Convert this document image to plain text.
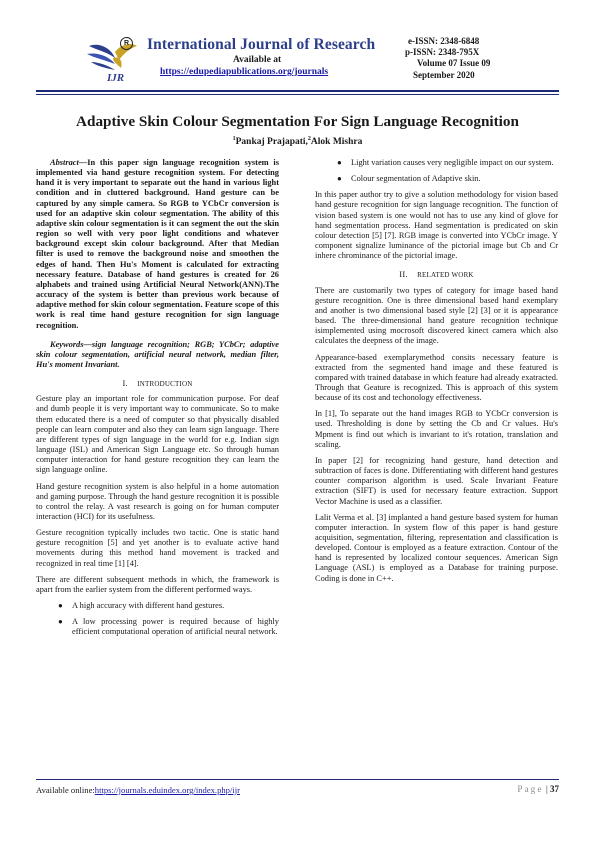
IJR
R International Journal of Research
Available at
https://edupediapublications.org/journals
e-ISSN: 2348-6848
p-ISSN: 2348-795X
Volume 07 Issue 09
September 2020
Adaptive Skin Colour Segmentation For Sign Language Recognition
$^1$Pankaj Prajapati,$^2$Alok Mishra

Abstract—In this paper sign language recognition system is implemented via hand gesture recognition system. For detecting hand it is very important to separate out the hand in various light condition and in cluttered background. Hand gesture can be captured by any simple camera. So RGB to YCbCr conversion is used for an adaptive skin colour segmentation. The ability of this adaptive skin colour segmentation is it can segment the out the skin region so well with very poor light conditions and whatever background except skin colour background. After that Median filter is used to remove the background noise and smoothen the edges of hand. Then Hu's Moment is calculated for extracting necessary feature. Database of hand gestures is created for 26 alphabets and trained using Artificial Neural Network(ANN).The accuracy of the system is better than previous work because of adaptive method for skin colour segmentation. Feature scope of this work is real time hand gesture recognition for sign language recognition.

Keywords—sign language recognition; RGB; YCbCr; adaptive skin colour segmentation, artificial neural network, median filter, Hu's moment Invariant.

I. INTRODUCTION

Gesture play an important role for communication purpose. For deaf and dumb people it is very important way to communicate. So to make them educated there is a need of computer so that physically disabled people can learn computer and also they can learn sign language. There are different types of sign language in the world for e.g. Indian sign language (ISL) and American Sign Language etc. So through human computer interaction for hand gesture recognition they can learn the sign language online.

Hand gesture recognition system is also helpful in a home automation and gaming purpose. Through the hand gesture recognition it is possible to control the relay. A vast research is going on for human computer interaction (HCI) for its usefulness.

Gesture recognition typically includes two tactic. One is static hand gesture recognition [5] and yet another is to evaluate active hand movements during this method hand movement is tracked and recognized in real time [1] [4].

There are different subsequent methods in which, the framework is apart from the earlier system from the different performed ways.

● A high accuracy with different hand gestures.
● A low processing power is required because of highly efficient computational operation of artificial neural network.
● Light variation causes very negligible impact on our system.
● Colour segmentation of Adaptive skin.

In this paper author try to give a solution methodology for vision based hand gesture recognition for sign language recognition. The function of vision based system is one would not has to use any kind of glove for hand segmentation process. Hand segmentation is predicated on skin colour detection [5] [7]. RGB image is converted into YCbCr image. Y component signalize luminance of the pictorial image but Cb and Cr inhere chrominance of the pictorial image.

II. RELATED WORK

There are customarily two types of category for image based hand gesture recognition. One is three dimensional based hand exemplary and another is two dimensional based style [2] [3] or it is appearance based. The three-dimensional hand geature recognition technique isimplemented using mocrosoft discovered kinect camera which also calculates the deepness of the image.

Appearance-based exemplarymethod consits necessary feature is extracted from the segmented hand image and these featured is compared with trained database in which feature had already exatracted. Through that Geature is recognized. This is approach of this system because of its cost and techonology effectiveness.

In [1], To separate out the hand images RGB to YCbCr conversion is used. Thresholding is done by setting the Cb and Cr values. Hu's Mpment is find out which is invariant to it's rotation, translation and scaling.

In paper [2] for recognizing hand gesture, hand detection and subtraction of faces is done. Differentiating with different hand gestures counter comparison algorithm is used. Scale Invariant Feature extraction (SIFT) is used for necessary feature extraction. Support Vector Machine is used as a classifier.

Lalit Verma et al. [3] implanted a hand gesture based system for human computer interaction. In system flow of this paper is hand gesture acquisition, segmentation, filtering, representation and classification is developed. Contour is employed as a feature extraction. Contour of the hand is represented by localized contour sequences. American Sign Language (ASL) is employed as a Database for training purpose. Coding is done in C++.

Available online:https://journals.eduindex.org/index.php/ijr	Page | 37
